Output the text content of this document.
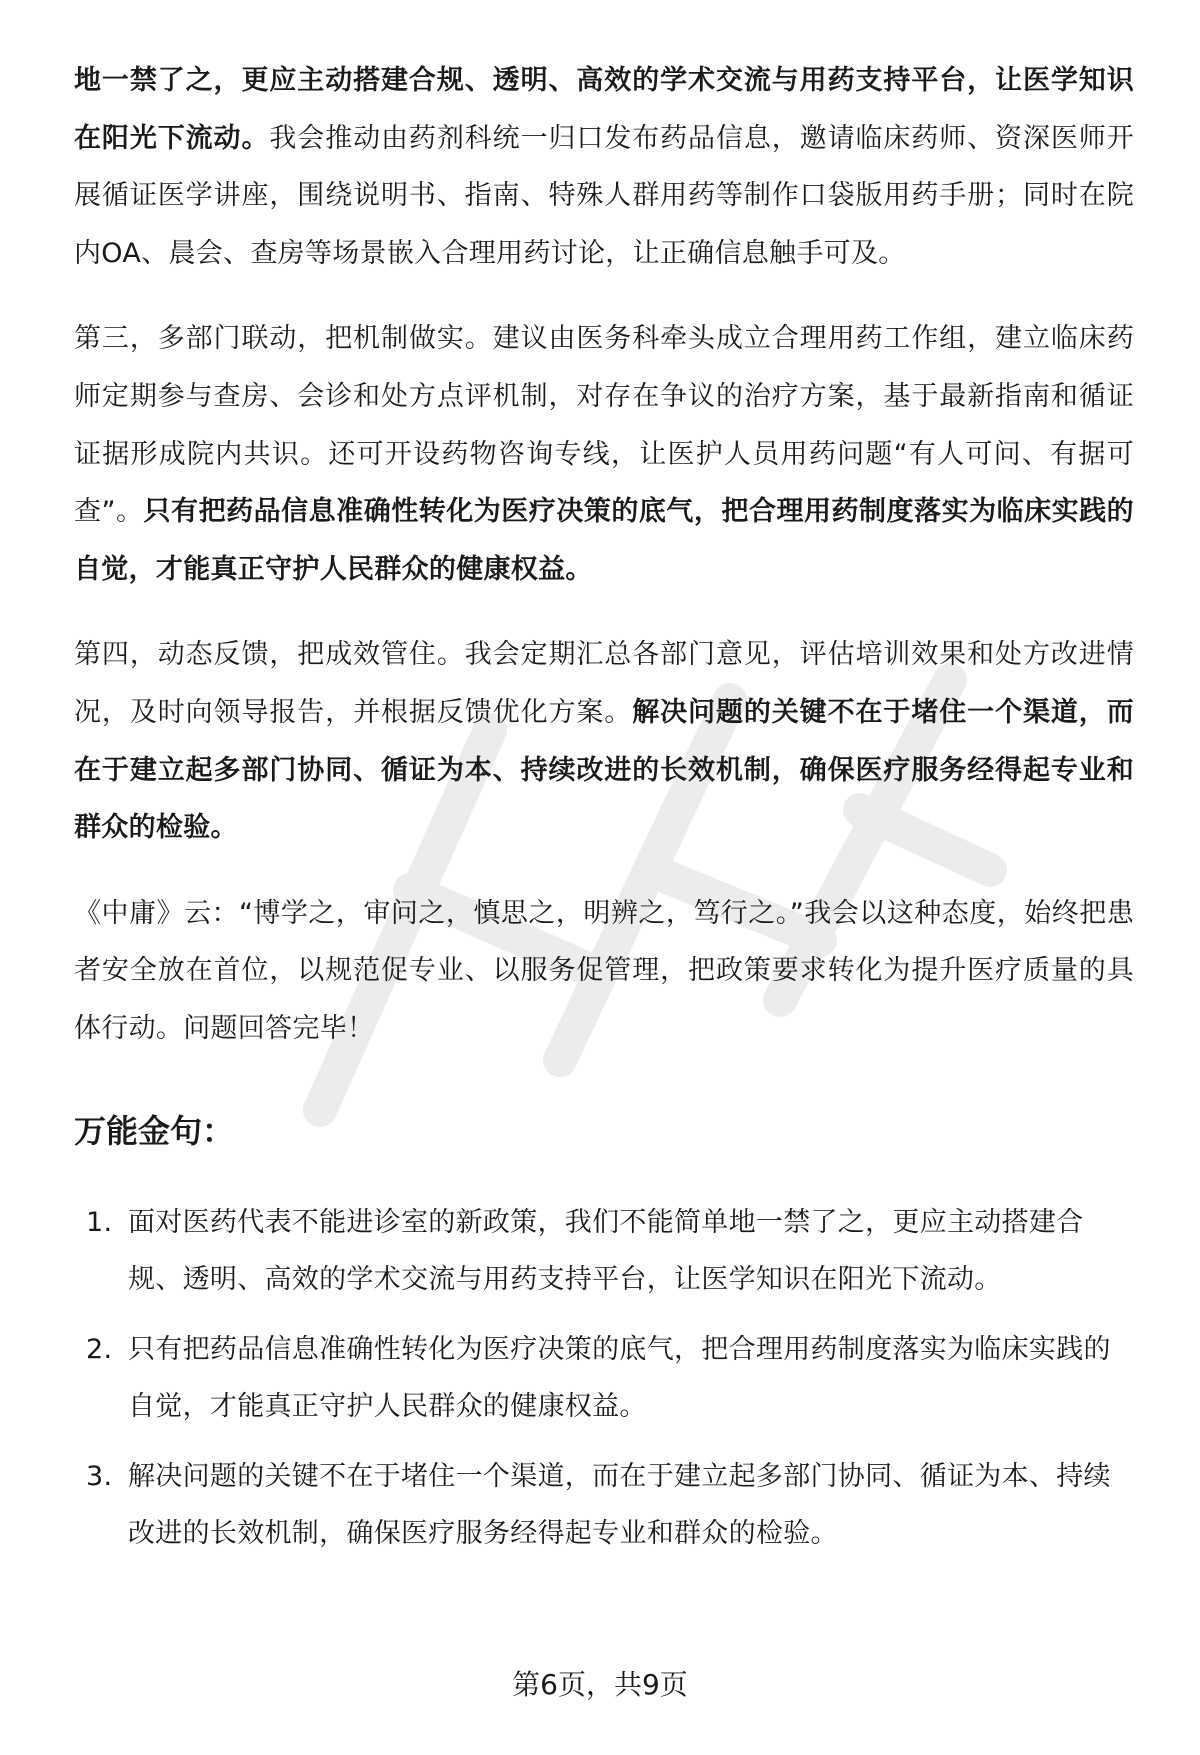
地一禁了之，更应主动搭建合规、透明、高效的学术交流与用药支持平台，让医学知识在阳光下流动。我会推动由药剂科统一归口发布药品信息，邀请临床药师、资深医师开展循证医学讲座，围绕说明书、指南、特殊人群用药等制作口袋版用药手册；同时在院内OA、晨会、查房等场景嵌入合理用药讨论，让正确信息触手可及。

第三，多部门联动，把机制做实。建议由医务科牵头成立合理用药工作组，建立临床药师定期参与查房、会诊和处方点评机制，对存在争议的治疗方案，基于最新指南和循证证据形成院内共识。还可开设药物咨询专线，让医护人员用药问题“有人可问、有据可查”。只有把药品信息准确性转化为医疗决策的底气，把合理用药制度落实为临床实践的自觉，才能真正守护人民群众的健康权益。

第四，动态反馈，把成效管住。我会定期汇总各部门意见，评估培训效果和处方改进情况，及时向领导报告，并根据反馈优化方案。解决问题的关键不在于堵住一个渠道，而在于建立起多部门协同、循证为本、持续改进的长效机制，确保医疗服务经得起专业和群众的检验。

《中庸》云：“博学之，审问之，慎思之，明辨之，笃行之。”我会以这种态度，始终把患者安全放在首位，以规范促专业、以服务促管理，把政策要求转化为提升医疗质量的具体行动。问题回答完毕！

万能金句：
1. 面对医药代表不能进诊室的新政策，我们不能简单地一禁了之，更应主动搭建合规、透明、高效的学术交流与用药支持平台，让医学知识在阳光下流动。
2. 只有把药品信息准确性转化为医疗决策的底气，把合理用药制度落实为临床实践的自觉，才能真正守护人民群众的健康权益。
3. 解决问题的关键不在于堵住一个渠道，而在于建立起多部门协同、循证为本、持续改进的长效机制，确保医疗服务经得起专业和群众的检验。
第6页，共9页
